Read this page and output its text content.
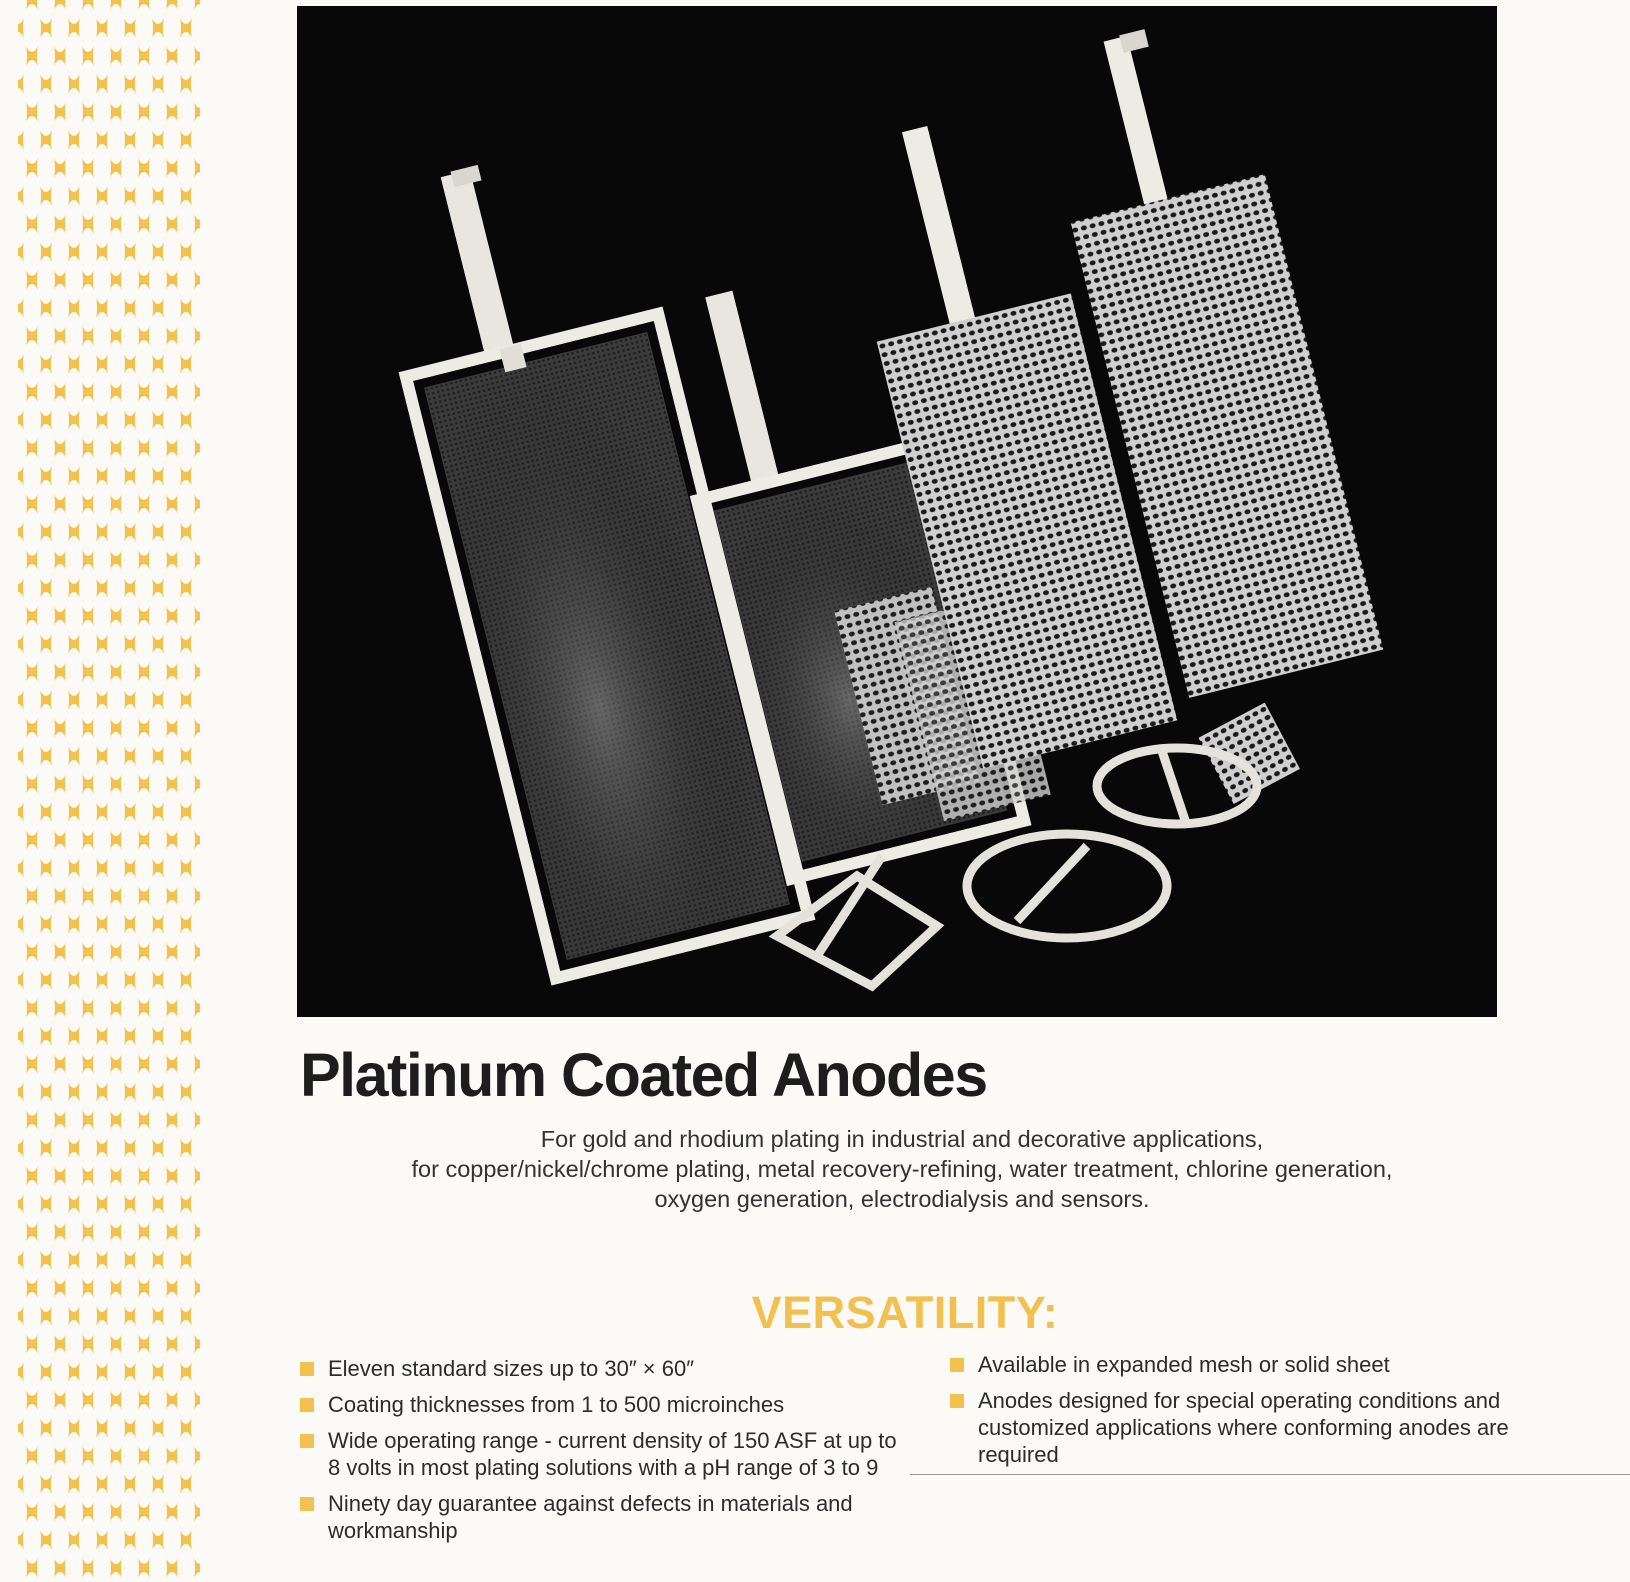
Platinum Coated Anodes
For gold and rhodium plating in industrial and decorative applications,
for copper/nickel/chrome plating, metal recovery-refining, water treatment, chlorine generation,
oxygen generation, electrodialysis and sensors.
VERSATILITY:
Eleven standard sizes up to 30″ × 60″
Coating thicknesses from 1 to 500 microinches
Wide operating range - current density of 150 ASF at up to 8 volts in most plating solutions with a pH range of 3 to 9
Ninety day guarantee against defects in materials and workmanship
Available in expanded mesh or solid sheet
Anodes designed for special operating conditions and customized applications where conforming anodes are required
